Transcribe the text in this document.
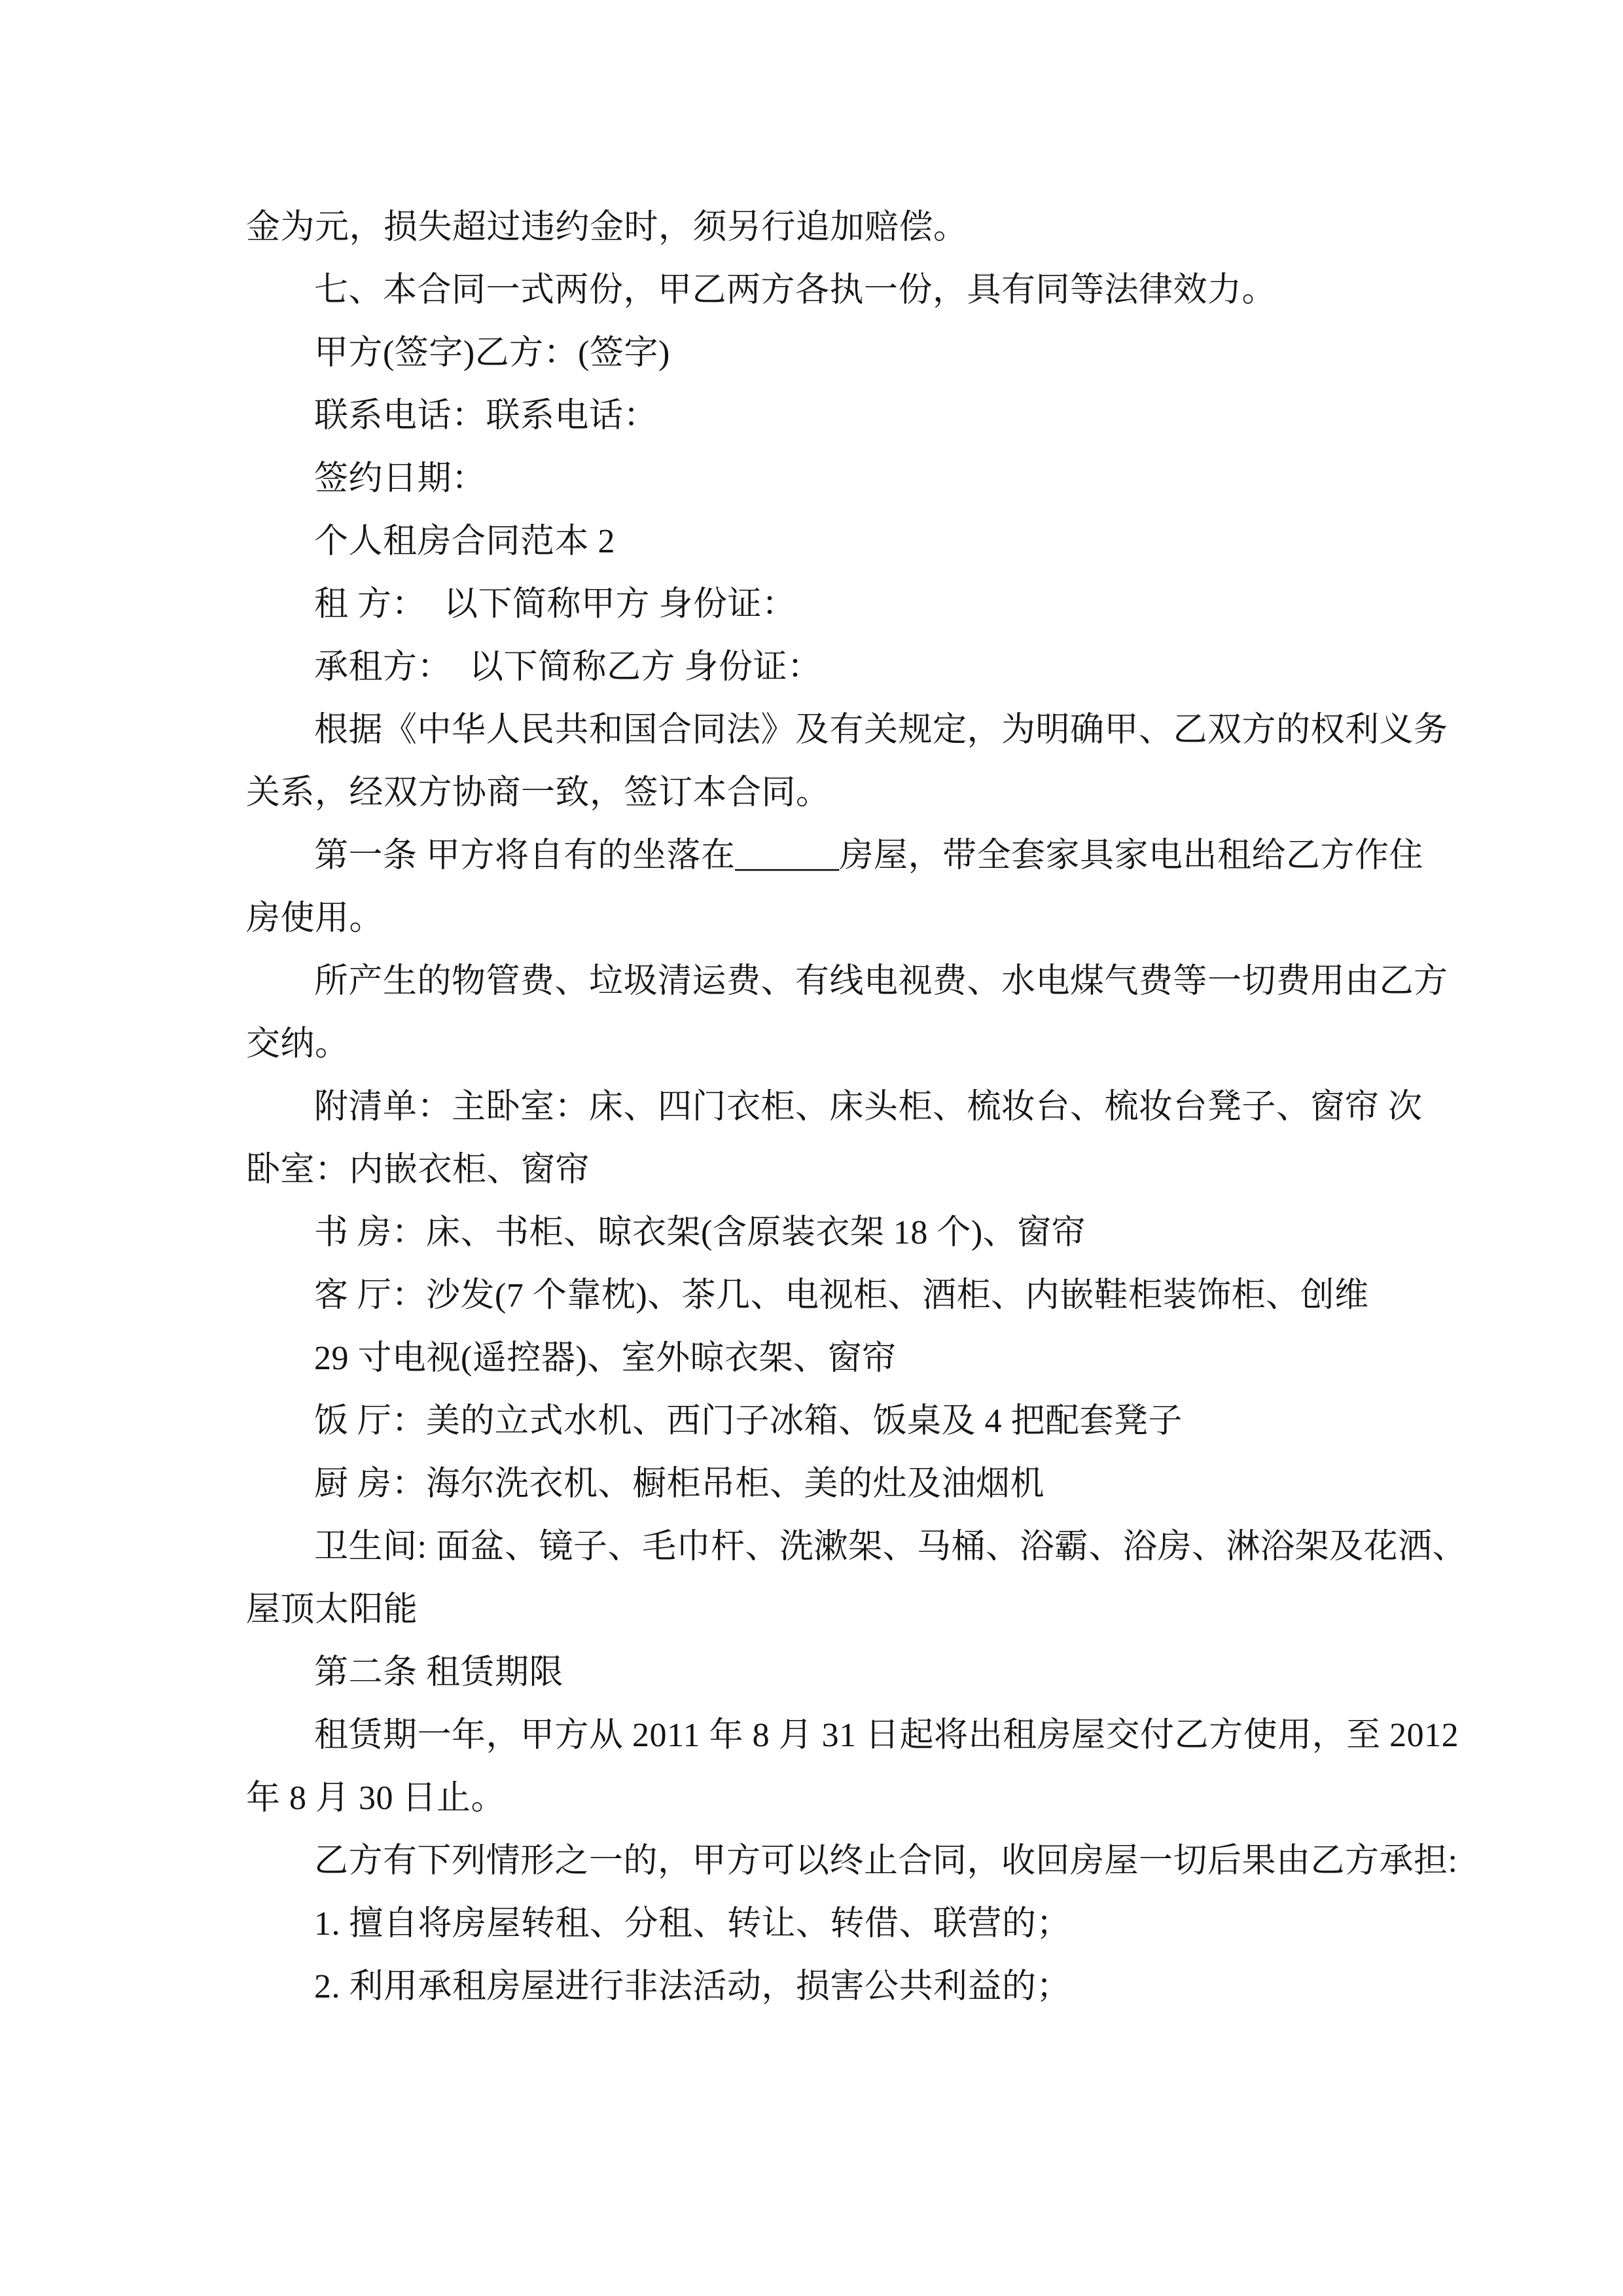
金为元，损失超过违约金时，须另行追加赔偿。
七、本合同一式两份，甲乙两方各执一份，具有同等法律效力。
甲方(签字)乙方：(签字)
联系电话：联系电话：
签约日期：
个人租房合同范本 2
租 方：  以下简称甲方 身份证：
承租方：  以下简称乙方 身份证：
根据《中华人民共和国合同法》及有关规定，为明确甲、乙双方的权利义务
关系，经双方协商一致，签订本合同。
第一条 甲方将自有的坐落在______房屋，带全套家具家电出租给乙方作住
房使用。
所产生的物管费、垃圾清运费、有线电视费、水电煤气费等一切费用由乙方
交纳。
附清单：主卧室：床、四门衣柜、床头柜、梳妆台、梳妆台凳子、窗帘 次
卧室：内嵌衣柜、窗帘
书 房：床、书柜、晾衣架(含原装衣架 18 个)、窗帘
客 厅：沙发(7 个靠枕)、茶几、电视柜、酒柜、内嵌鞋柜装饰柜、创维
29 寸电视(遥控器)、室外晾衣架、窗帘
饭 厅：美的立式水机、西门子冰箱、饭桌及 4 把配套凳子
厨 房：海尔洗衣机、橱柜吊柜、美的灶及油烟机
卫生间: 面盆、镜子、毛巾杆、洗漱架、马桶、浴霸、浴房、淋浴架及花洒、
屋顶太阳能
第二条 租赁期限
租赁期一年，甲方从 2011 年 8 月 31 日起将出租房屋交付乙方使用，至 2012
年 8 月 30 日止。
乙方有下列情形之一的，甲方可以终止合同，收回房屋一切后果由乙方承担:
1. 擅自将房屋转租、分租、转让、转借、联营的；
2. 利用承租房屋进行非法活动，损害公共利益的；
